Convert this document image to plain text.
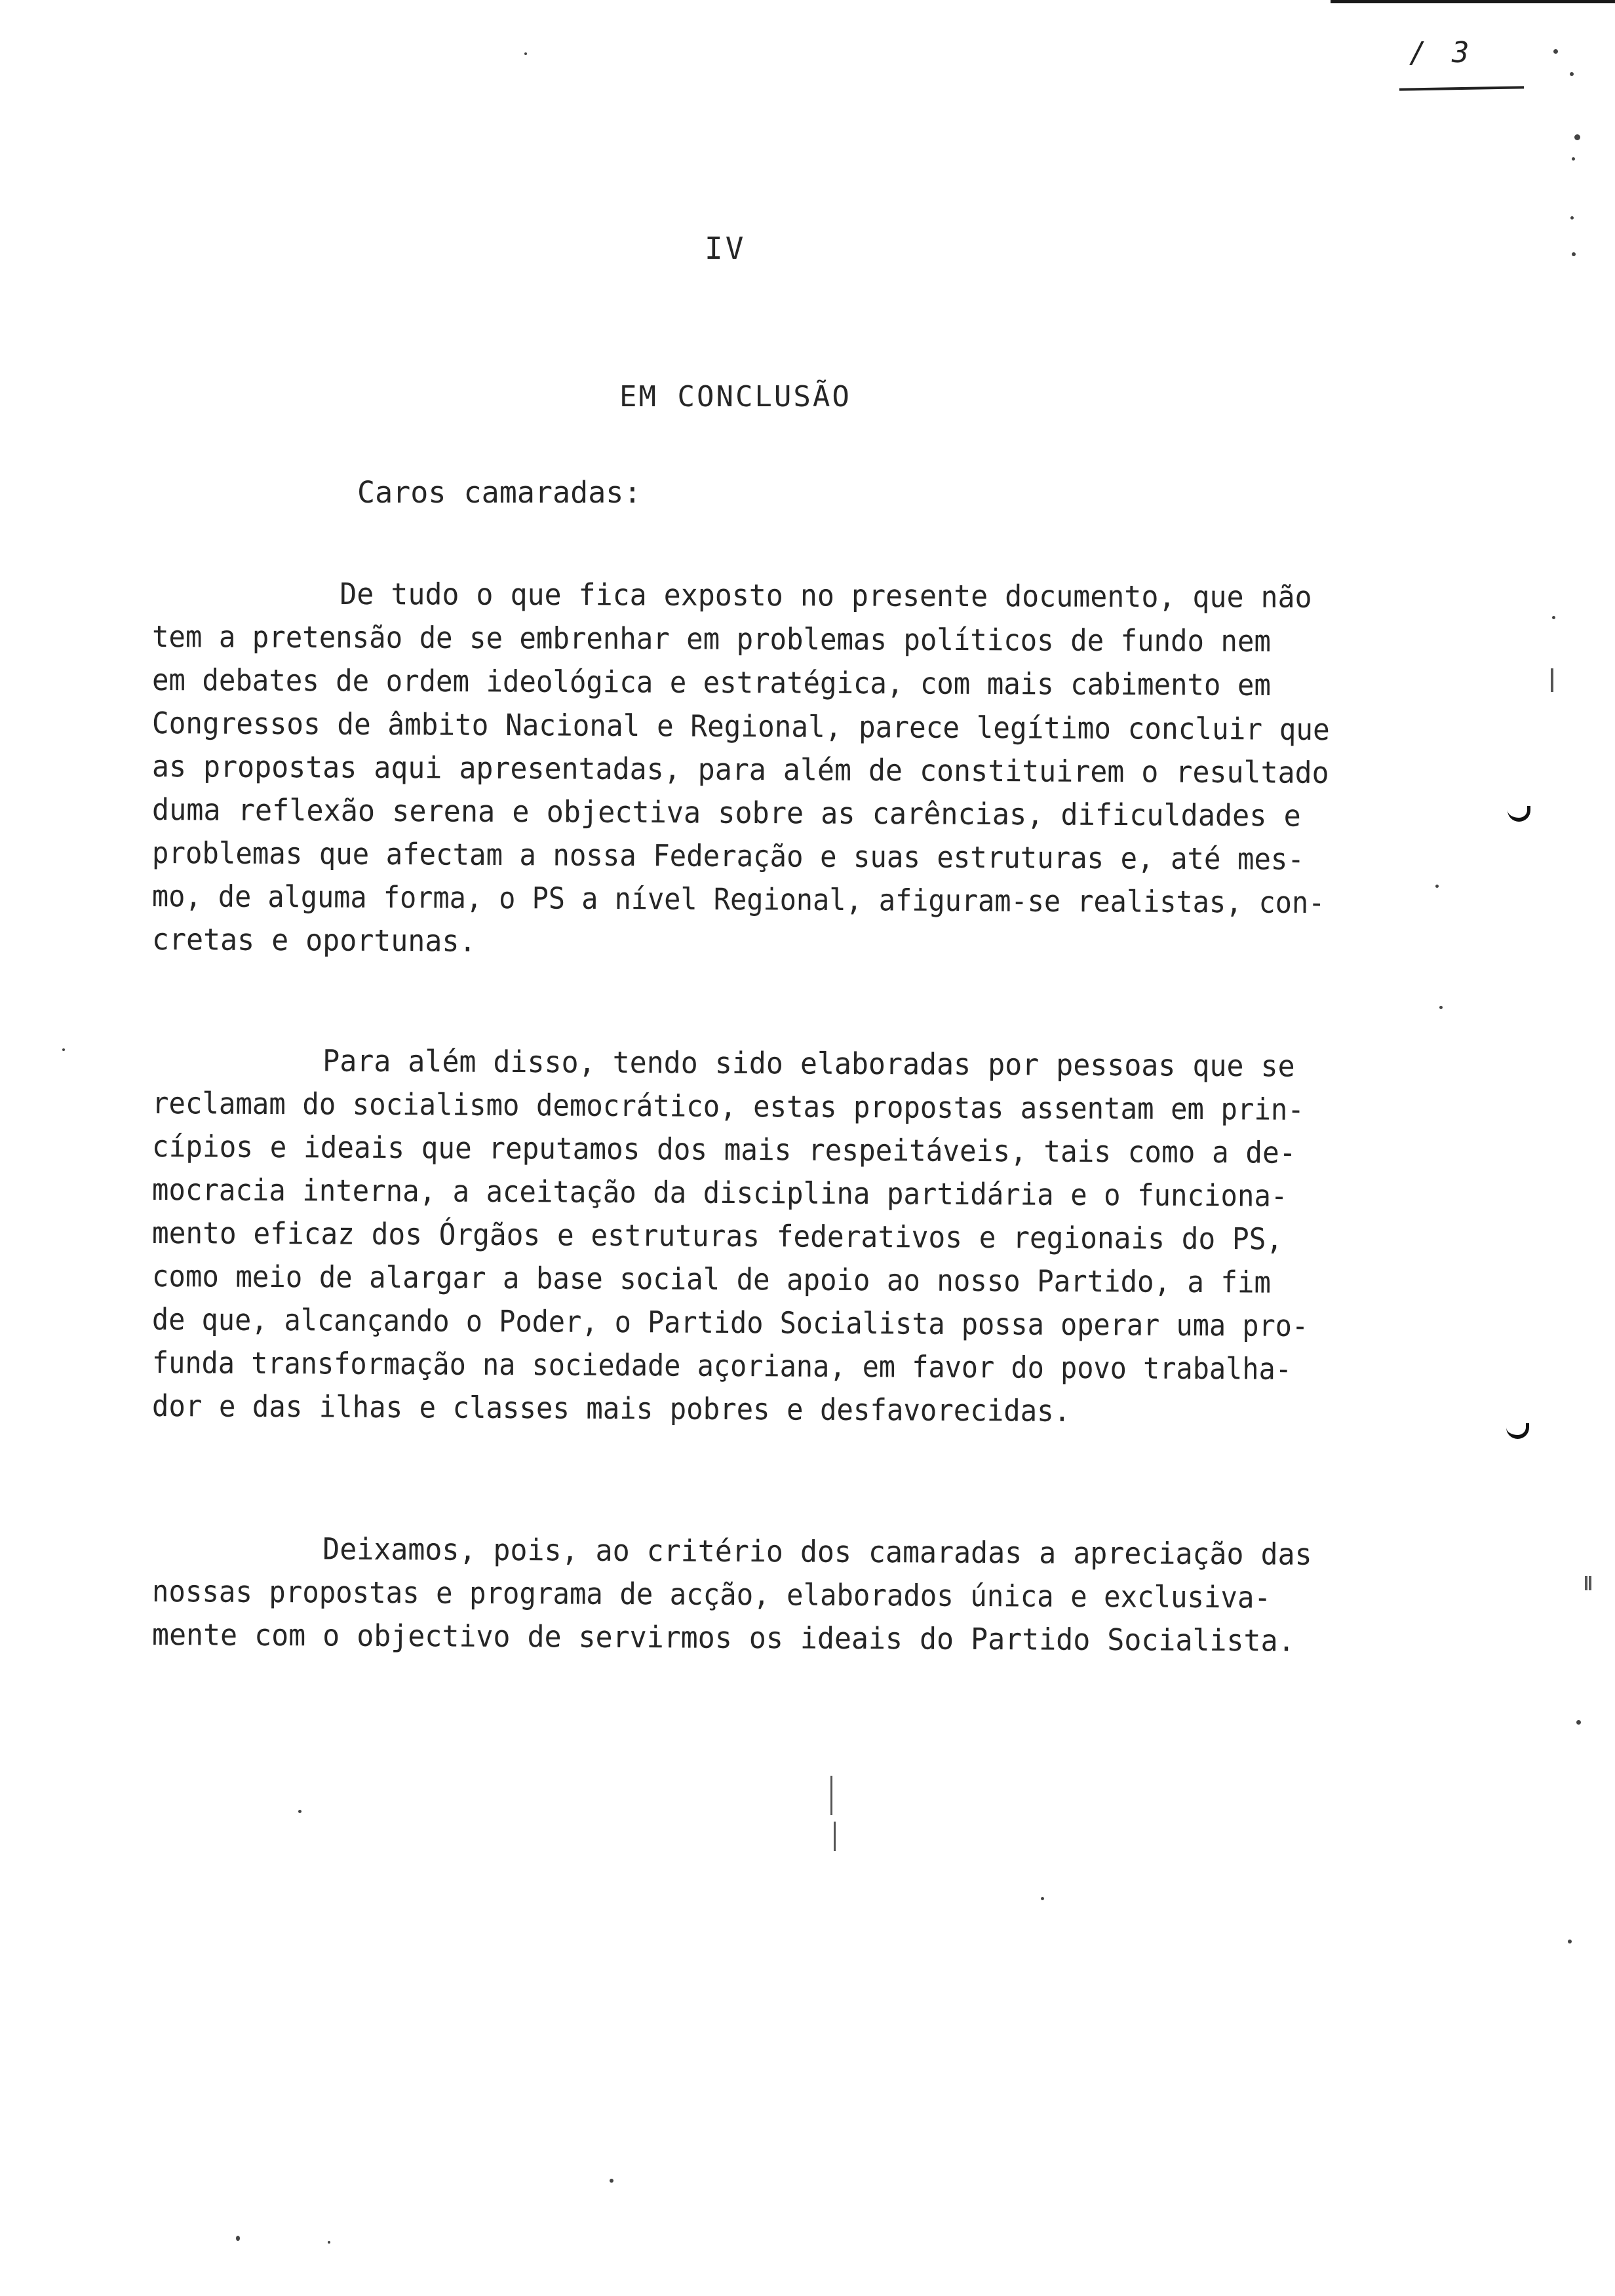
/ 3
IV
EM CONCLUSÃO
Caros camaradas:
De tudo o que fica exposto no presente documento, que não
tem a pretensão de se embrenhar em problemas políticos de fundo nem
em debates de ordem ideológica e estratégica, com mais cabimento em
Congressos de âmbito Nacional e Regional, parece legítimo concluir que
as propostas aqui apresentadas, para além de constituirem o resultado
duma reflexão serena e objectiva sobre as carências, dificuldades e
problemas que afectam a nossa Federação e suas estruturas e, até mes-
mo, de alguma forma, o PS a nível Regional, afiguram-se realistas, con-
cretas e oportunas.
Para além disso, tendo sido elaboradas por pessoas que se
reclamam do socialismo democrático, estas propostas assentam em prin-
cípios e ideais que reputamos dos mais respeitáveis, tais como a de-
mocracia interna, a aceitação da disciplina partidária e o funciona-
mento eficaz dos Órgãos e estruturas federativos e regionais do PS,
como meio de alargar a base social de apoio ao nosso Partido, a fim
de que, alcançando o Poder, o Partido Socialista possa operar uma pro-
funda transformação na sociedade açoriana, em favor do povo trabalha-
dor e das ilhas e classes mais pobres e desfavorecidas.
Deixamos, pois, ao critério dos camaradas a apreciação das
nossas propostas e programa de acção, elaborados única e exclusiva-
mente com o objectivo de servirmos os ideais do Partido Socialista.
